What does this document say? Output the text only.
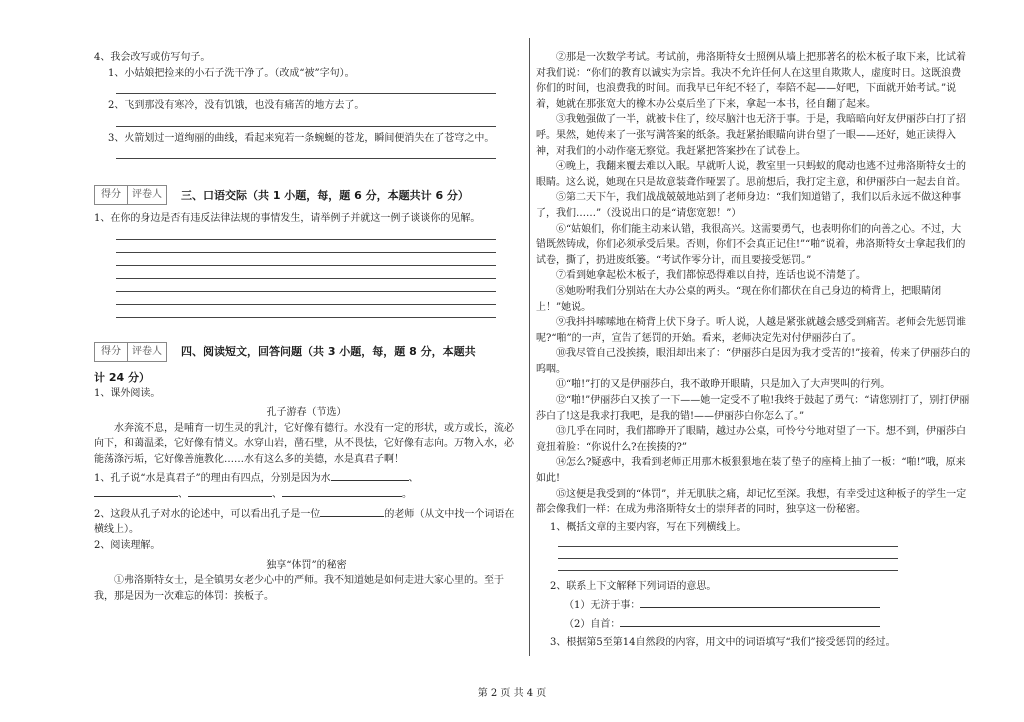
4、我会改写或仿写句子。

1、小姑娘把捡来的小石子洗干净了。（改成“被”字句）。

2、飞到那没有寒冷，没有饥饿，也没有痛苦的地方去了。

3、火箭划过一道绚丽的曲线，看起来宛若一条蜿蜒的苍龙，瞬间便消失在了苍穹之中。

得分	评卷人	三、口语交际（共 1 小题，每，题 6 分，本题共计 6 分）

1、在你的身边是否有违反法律法规的事情发生，请举例子并就这一例子谈谈你的见解。

得分	评卷人	四、阅读短文，回答问题（共 3 小题，每，题 8 分，本题共

计 24 分）

1、课外阅读。

孔子游春（节选）

水奔流不息，是哺育一切生灵的乳汁，它好像有德行。水没有一定的形状，或方或长，流必向下，和蔼温柔，它好像有情义。水穿山岩，凿石壁，从不畏怯，它好像有志向。万物入水，必能荡涤污垢，它好像善施教化……水有这么多的美德，水是真君子啊！

1、孔子说“水是真君子”的理由有四点，分别是因为水	、
、	、	。

2、这段从孔子对水的论述中，可以看出孔子是一位	的老师（从文中找一个词语在横线上）。

2、阅读理解。

独享“体罚”的秘密

①弗洛斯特女士，是全镇男女老少心中的严师。我不知道她是如何走进大家心里的。至于我，那是因为一次难忘的体罚：挨板子。

②那是一次数学考试。考试前，弗洛斯特女士照例从墙上把那著名的松木板子取下来，比试着对我们说：“你们的教育以诚实为宗旨。我决不允许任何人在这里自欺欺人，虚度时日。这既浪费你们的时间，也浪费我的时间。而我早已年纪不轻了，奉陪不起——好吧，下面就开始考试。”说着，她就在那张宽大的橡木办公桌后坐了下来，拿起一本书，径自翻了起来。

③我勉强做了一半，就被卡住了，绞尽脑汁也无济于事。于是，我暗暗向好友伊丽莎白打了招呼。果然，她传来了一张写满答案的纸条。我赶紧抬眼瞄向讲台望了一眼——还好，她正读得入神，对我们的小动作毫无察觉。我赶紧把答案抄在了试卷上。

④晚上，我翻来覆去难以入眠。早就听人说，教室里一只蚂蚁的爬动也逃不过弗洛斯特女士的眼睛。这么说，她现在只是故意装聋作哑罢了。思前想后，我打定主意，和伊丽莎白一起去自首。

⑤第二天下午，我们战战兢兢地站到了老师身边：“我们知道错了，我们以后永远不做这种事了，我们……”（没说出口的是“请您宽恕！”）

⑥“姑娘们，你们能主动来认错，我很高兴。这需要勇气，也表明你们的向善之心。不过，大错既然铸成，你们必须承受后果。否则，你们不会真正记住!”“啪”说着，弗洛斯特女士拿起我们的试卷，撕了，扔进废纸篓。“考试作零分计，而且要接受惩罚。”

⑦看到她拿起松木板子，我们都惊恐得难以自持，连话也说不清楚了。

⑧她吩咐我们分别站在大办公桌的两头。“现在你们都伏在自己身边的椅背上，把眼睛闭上！”她说。

⑨我抖抖嗦嗦地在椅背上伏下身子。听人说，人越是紧张就越会感受到痛苦。老师会先惩罚谁呢?“啪”的一声，宣告了惩罚的开始。看来，老师决定先对付伊丽莎白了。

⑩我尽管自己没挨揍，眼泪却出来了：“伊丽莎白是因为我才受苦的!”接着，传来了伊丽莎白的呜咽。

⑪“啪!”打的又是伊丽莎白，我不敢睁开眼睛，只是加入了大声哭叫的行列。

⑫“啪!”伊丽莎白又挨了一下——她一定受不了啦!我终于鼓起了勇气：“请您别打了，别打伊丽莎白了!这是我求打我吧，是我的错!——伊丽莎白你怎么了。”

⑬几乎在同时，我们都睁开了眼睛，越过办公桌，可怜兮兮地对望了一下。想不到，伊丽莎白竟扭着脸：“你说什么?在挨揍的?”

⑭怎么?疑惑中，我看到老师正用那木板狠狠地在装了垫子的座椅上抽了一板：“啪!”哦，原来如此!

⑮这便是我受到的“体罚”，并无肌肤之痛，却记忆至深。我想，有幸受过这种板子的学生一定都会像我们一样：在成为弗洛斯特女士的崇拜者的同时，独享这一份秘密。

1、概括文章的主要内容，写在下列横线上。

2、联系上下文解释下列词语的意思。

（1）无济于事：

（2）自首：

3、根据第5至第14自然段的内容，用文中的词语填写“我们”接受惩罚的经过。

第 2 页 共 4 页
